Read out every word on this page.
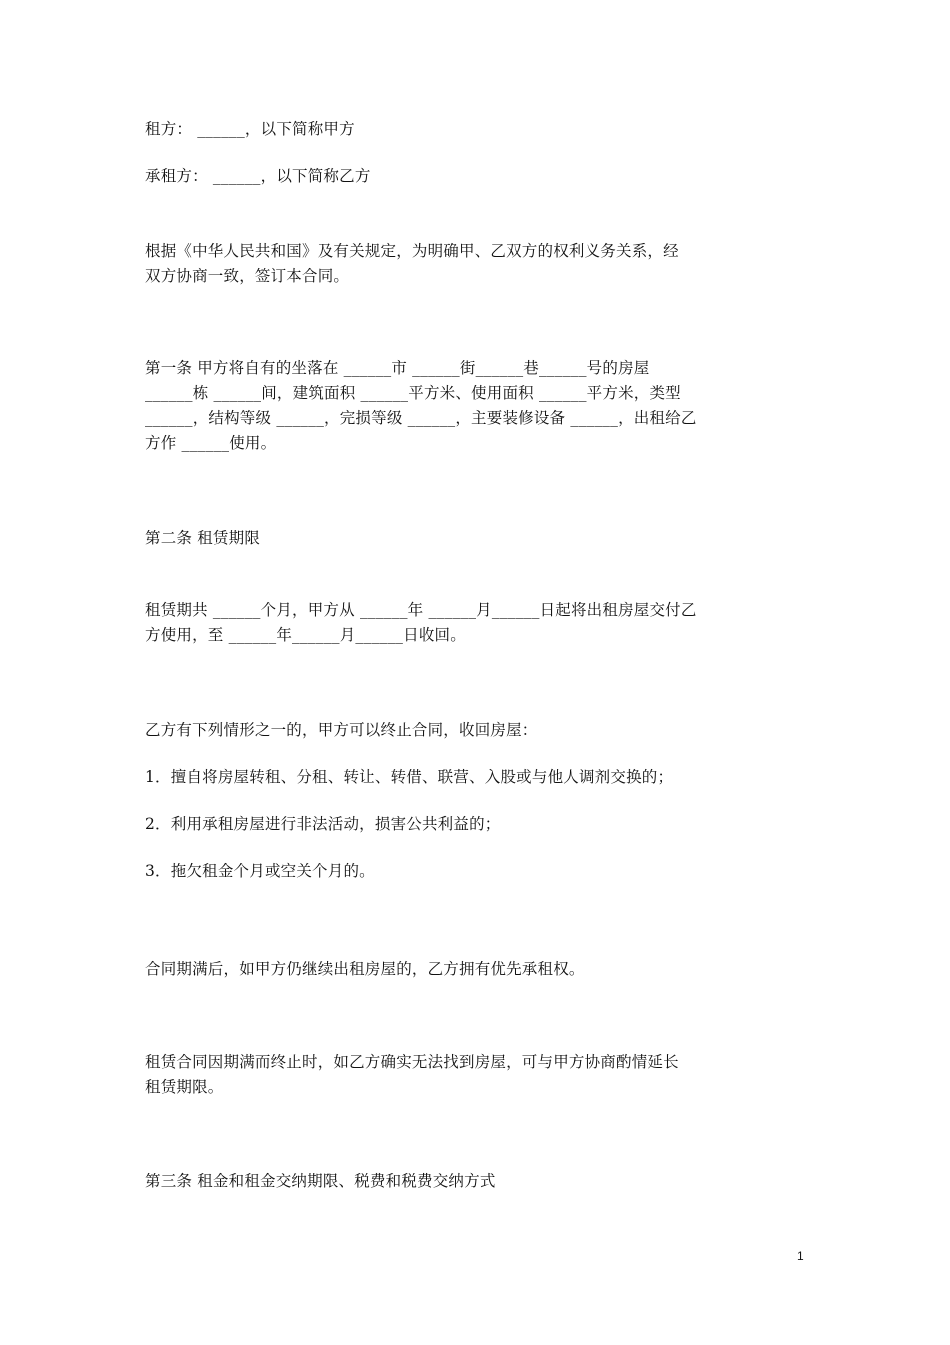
租方： ______，以下简称甲方
承租方： ______，以下简称乙方
根据《中华人民共和国》及有关规定，为明确甲、乙双方的权利义务关系，经
双方协商一致，签订本合同。
第一条 甲方将自有的坐落在 ______市 ______街______巷______号的房屋
______栋 ______间，建筑面积 ______平方米、使用面积 ______平方米，类型
______，结构等级 ______，完损等级 ______，主要装修设备 ______，出租给乙
方作 ______使用。
第二条 租赁期限
租赁期共 ______个月，甲方从 ______年 ______月______日起将出租房屋交付乙
方使用，至 ______年______月______日收回。
乙方有下列情形之一的，甲方可以终止合同，收回房屋：
1．擅自将房屋转租、分租、转让、转借、联营、入股或与他人调剂交换的；
2．利用承租房屋进行非法活动，损害公共利益的；
3．拖欠租金个月或空关个月的。
合同期满后，如甲方仍继续出租房屋的，乙方拥有优先承租权。
租赁合同因期满而终止时，如乙方确实无法找到房屋，可与甲方协商酌情延长
租赁期限。
第三条 租金和租金交纳期限、税费和税费交纳方式
1
